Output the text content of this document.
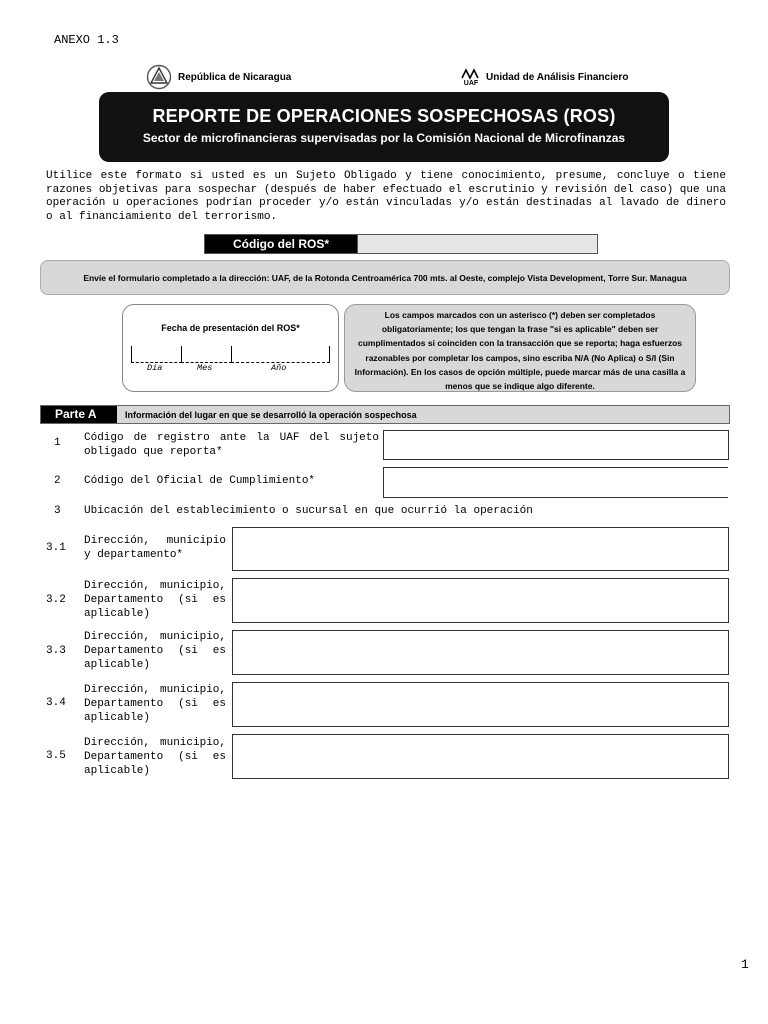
ANEXO 1.3
República de Nicaragua
UAF
Unidad de Análisis Financiero
REPORTE DE OPERACIONES SOSPECHOSAS (ROS)
Sector de microfinancieras supervisadas por la Comisión Nacional de Microfinanzas
Utilice este formato si usted es un Sujeto Obligado y tiene conocimiento, presume, concluye o tiene razones objetivas para sospechar (después de haber efectuado el escrutinio y revisión del caso) que una operación u operaciones podrían proceder y/o están vinculadas y/o están destinadas al lavado de dinero o al financiamiento del terrorismo.
Código del ROS*
Envíe el formulario completado a la dirección: UAF, de la Rotonda Centroamérica 700 mts. al Oeste, complejo Vista Development, Torre Sur. Managua
Fecha de presentación del ROS*
Día	Mes	Año
Los campos marcados con un asterisco (*) deben ser completados obligatoriamente; los que tengan la frase "si es aplicable" deben ser cumplimentados si coinciden con la transacción que se reporta; haga esfuerzos razonables por completar los campos, sino escriba N/A (No Aplica) o S/I (Sin Información). En los casos de opción múltiple, puede marcar más de una casilla a menos que se indique algo diferente.
Parte A	Información del lugar en que se desarrolló la operación sospechosa
1 Código de registro ante la UAF del sujeto obligado que reporta*
2 Código del Oficial de Cumplimiento*
3 Ubicación del establecimiento o sucursal en que ocurrió la operación
3.1
Dirección, municipio y departamento*
3.2
Dirección, municipio, Departamento (si es aplicable)
3.3
Dirección, municipio, Departamento (si es aplicable)
3.4
Dirección, municipio, Departamento (si es aplicable)
3.5
Dirección, municipio, Departamento (si es aplicable)
1
